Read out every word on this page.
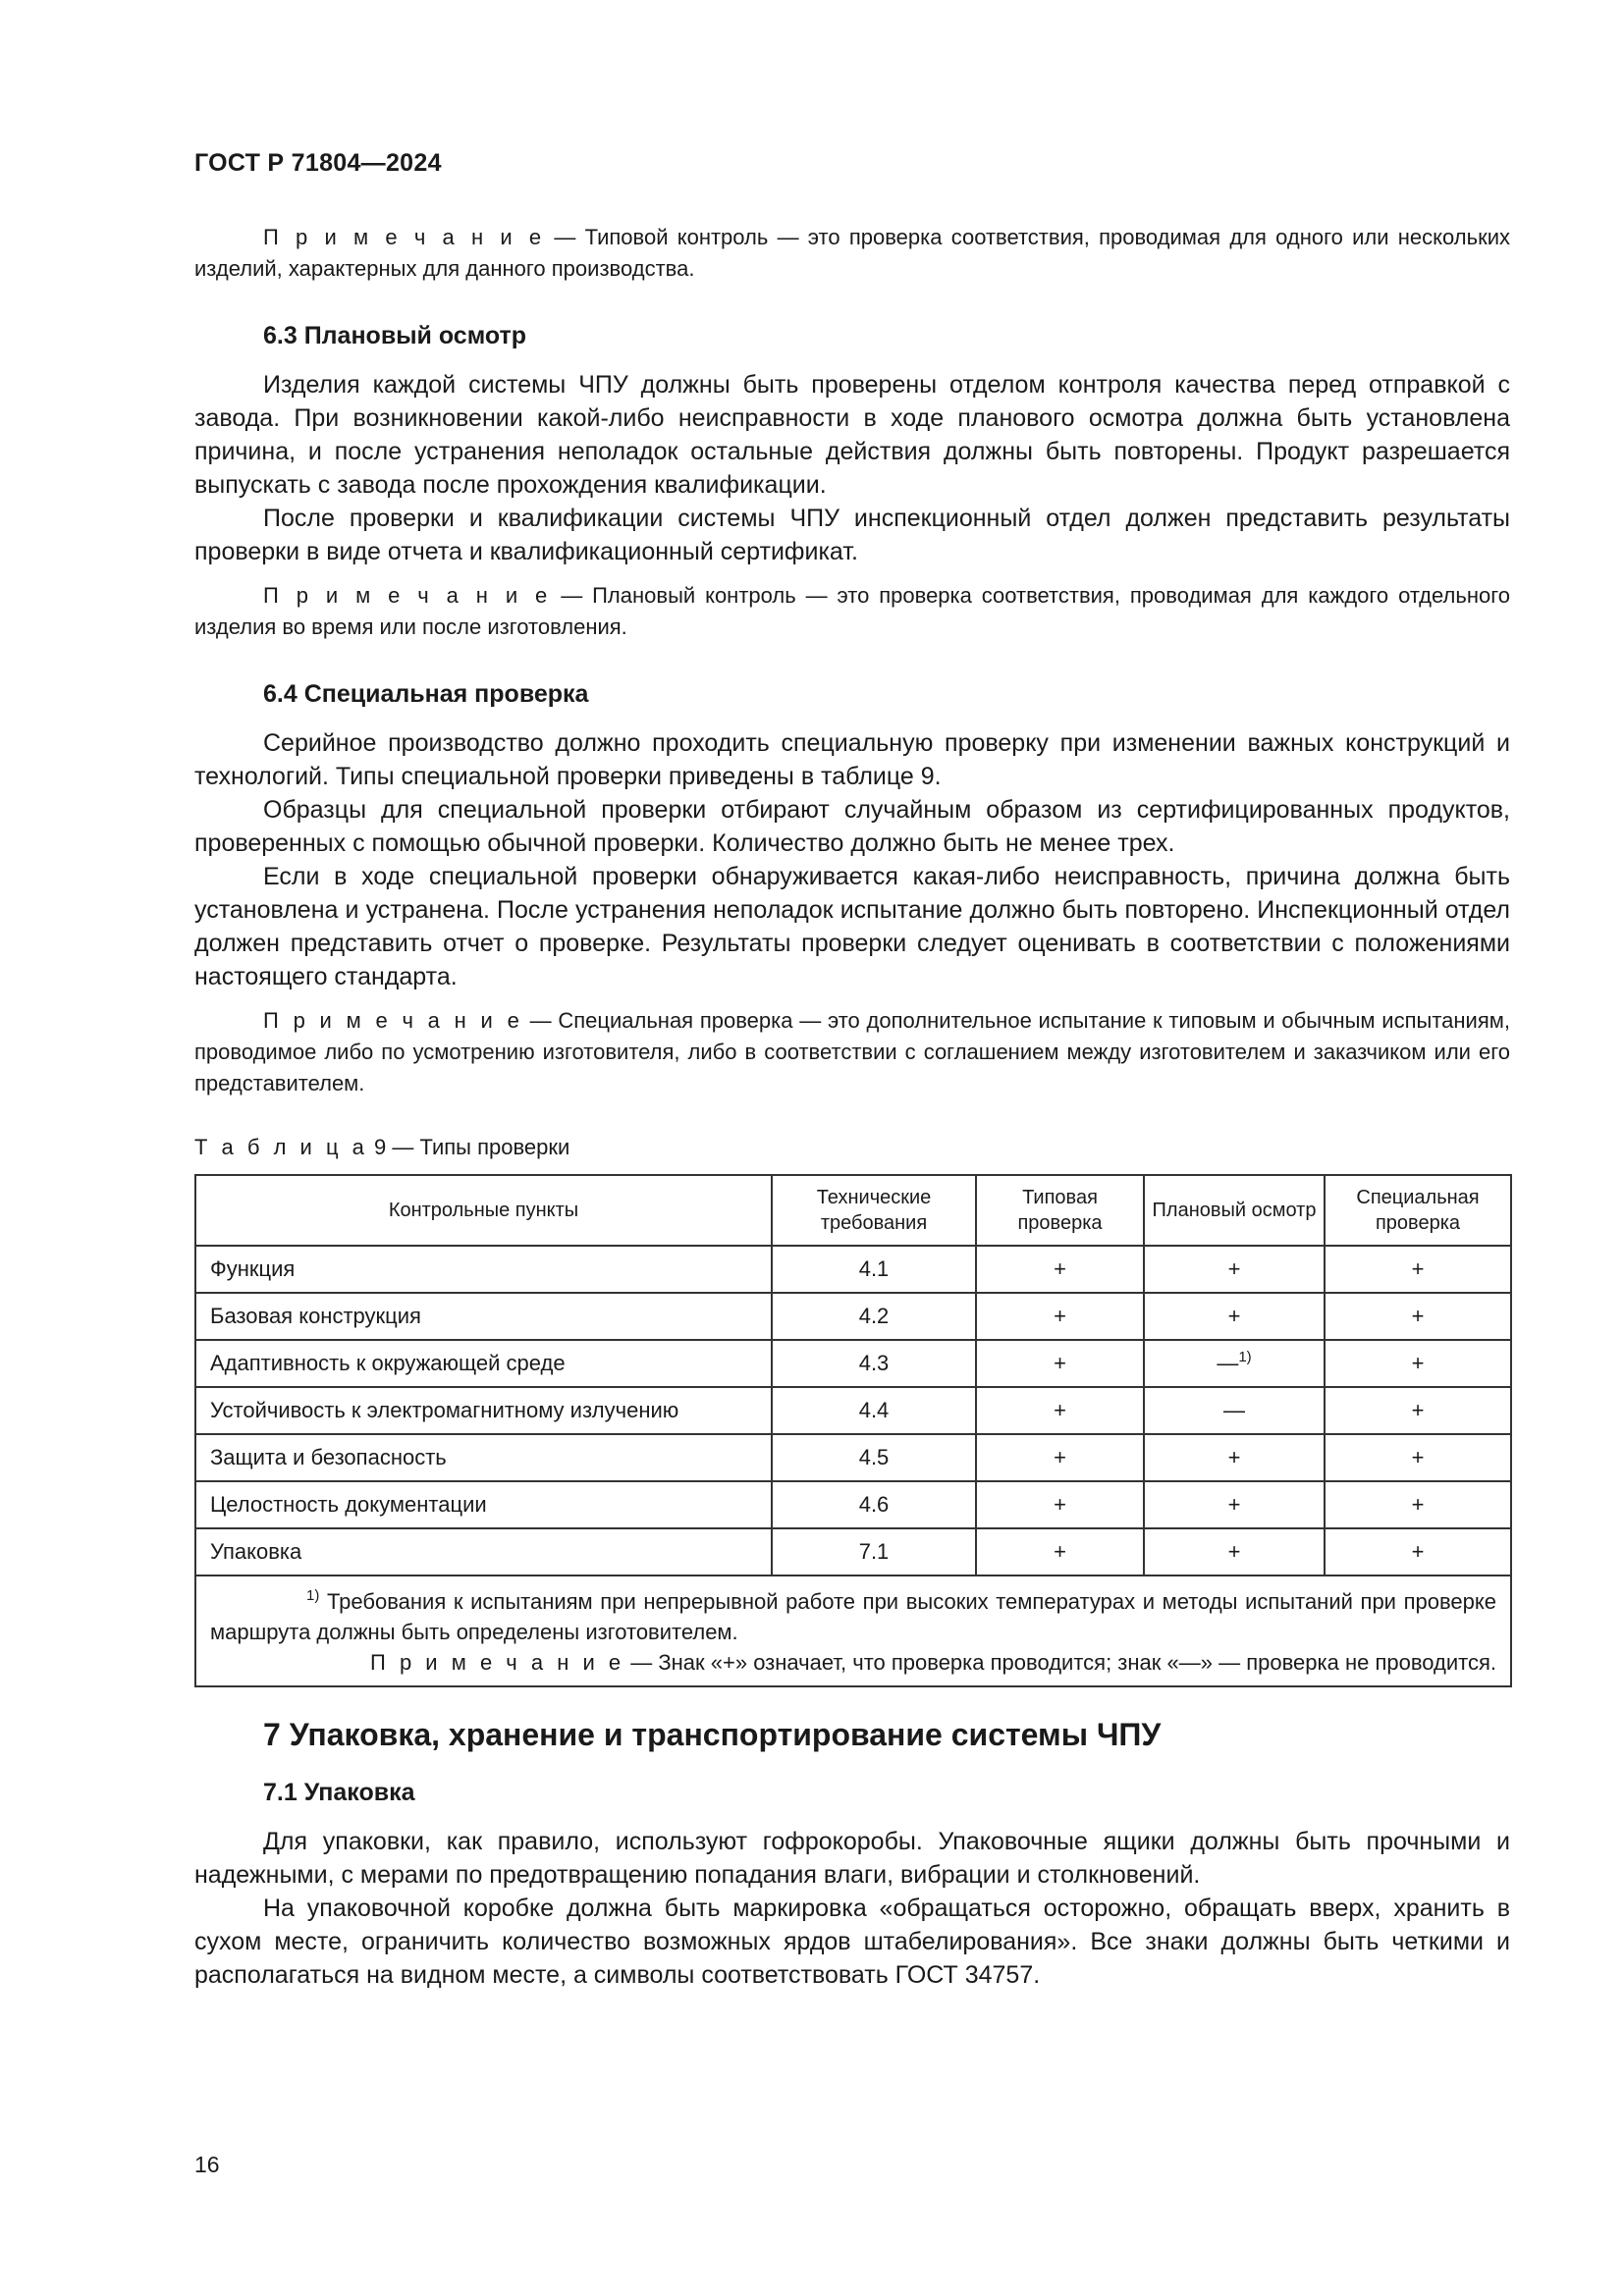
ГОСТ Р 71804—2024

П р и м е ч а н и е — Типовой контроль — это проверка соответствия, проводимая для одного или нескольких изделий, характерных для данного производства.

6.3 Плановый осмотр

Изделия каждой системы ЧПУ должны быть проверены отделом контроля качества перед отправкой с завода. При возникновении какой-либо неисправности в ходе планового осмотра должна быть установлена причина, и после устранения неполадок остальные действия должны быть повторены. Продукт разрешается выпускать с завода после прохождения квалификации.

После проверки и квалификации системы ЧПУ инспекционный отдел должен представить результаты проверки в виде отчета и квалификационный сертификат.

П р и м е ч а н и е — Плановый контроль — это проверка соответствия, проводимая для каждого отдельного изделия во время или после изготовления.

6.4 Специальная проверка

Серийное производство должно проходить специальную проверку при изменении важных конструкций и технологий. Типы специальной проверки приведены в таблице 9.

Образцы для специальной проверки отбирают случайным образом из сертифицированных продуктов, проверенных с помощью обычной проверки. Количество должно быть не менее трех.

Если в ходе специальной проверки обнаруживается какая-либо неисправность, причина должна быть установлена и устранена. После устранения неполадок испытание должно быть повторено. Инспекционный отдел должен представить отчет о проверке. Результаты проверки следует оценивать в соответствии с положениями настоящего стандарта.

П р и м е ч а н и е — Специальная проверка — это дополнительное испытание к типовым и обычным испытаниям, проводимое либо по усмотрению изготовителя, либо в соответствии с соглашением между изготовителем и заказчиком или его представителем.

Т а б л и ц а 9 — Типы проверки

Контрольные пункты	Технические требования	Типовая проверка	Плановый осмотр	Специальная проверка
Функция	4.1	+	+	+
Базовая конструкция	4.2	+	+	+
Адаптивность к окружающей среде	4.3	+	—$^{1)}$	+
Устойчивость к электромагнитному излучению	4.4	+	—	+
Защита и безопасность	4.5	+	+	+
Целостность документации	4.6	+	+	+
Упаковка	7.1	+	+	+

$^{1)}$ Требования к испытаниям при непрерывной работе при высоких температурах и методы испытаний при проверке маршрута должны быть определены изготовителем.

П р и м е ч а н и е — Знак «+» означает, что проверка проводится; знак «—» — проверка не проводится.				

7 Упаковка, хранение и транспортирование системы ЧПУ

7.1 Упаковка

Для упаковки, как правило, используют гофрокоробы. Упаковочные ящики должны быть прочными и надежными, с мерами по предотвращению попадания влаги, вибрации и столкновений.

На упаковочной коробке должна быть маркировка «обращаться осторожно, обращать вверх, хранить в сухом месте, ограничить количество возможных ярдов штабелирования». Все знаки должны быть четкими и располагаться на видном месте, а символы соответствовать ГОСТ 34757.

16
